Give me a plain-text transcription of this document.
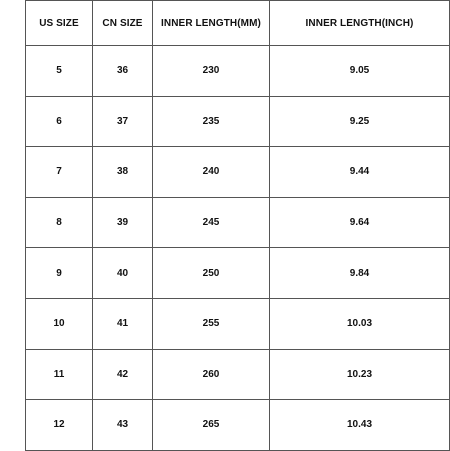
US SIZE	CN SIZE	INNER LENGTH(MM)	INNER LENGTH(INCH)
5	36	230	9.05
6	37	235	9.25
7	38	240	9.44
8	39	245	9.64
9	40	250	9.84
10	41	255	10.03
11	42	260	10.23
12	43	265	10.43
